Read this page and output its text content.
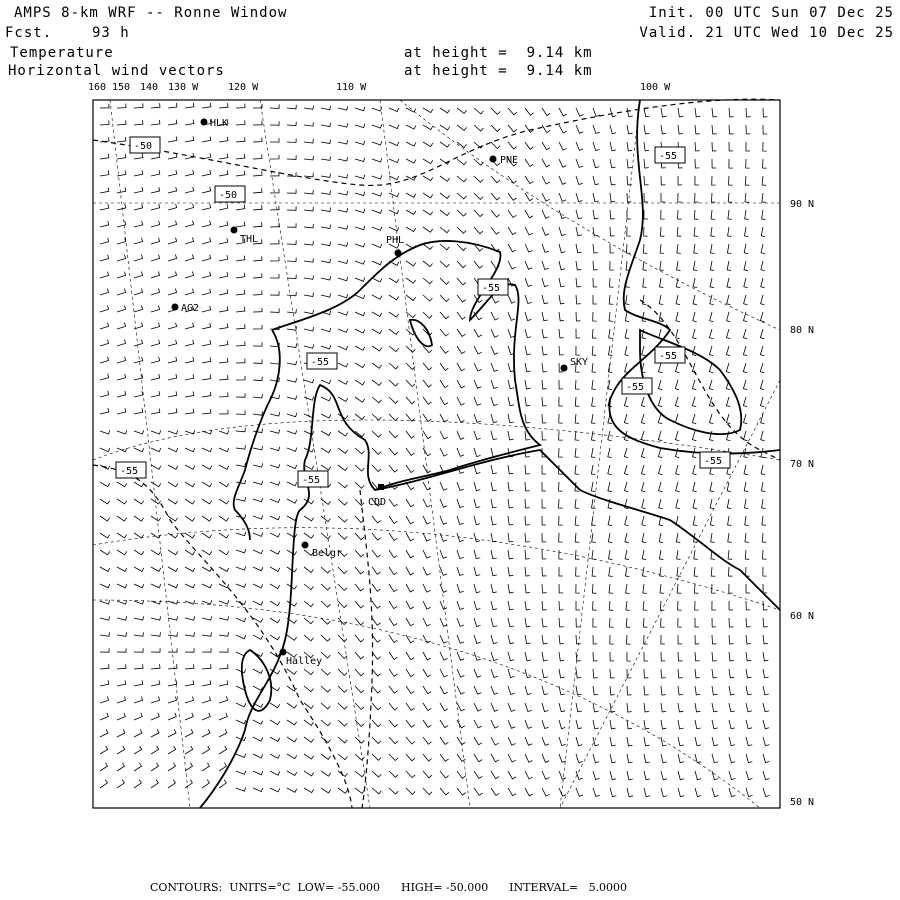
AMPS 8-km WRF -- Ronne Window
Fcst.	93 h
Init. 00 UTC Sun 07 Dec 25
Valid. 21 UTC Wed 10 Dec 25
Temperature
Horizontal wind vectors
at height =  9.14 km
at height =  9.14 km
160 150 140 130 W	120 W	110 W	100 W
90 N
80 N
70 N
60 N
50 N
HLK
PNE
THL	PHL
AG2
SKY
CDD
Belgr
Halley
-50
-50
-55
-55
-55
-55
-55
-55
-55
-55
CONTOURS:  UNITS=°C  LOW= -55.000      HIGH= -50.000      INTERVAL=   5.0000
